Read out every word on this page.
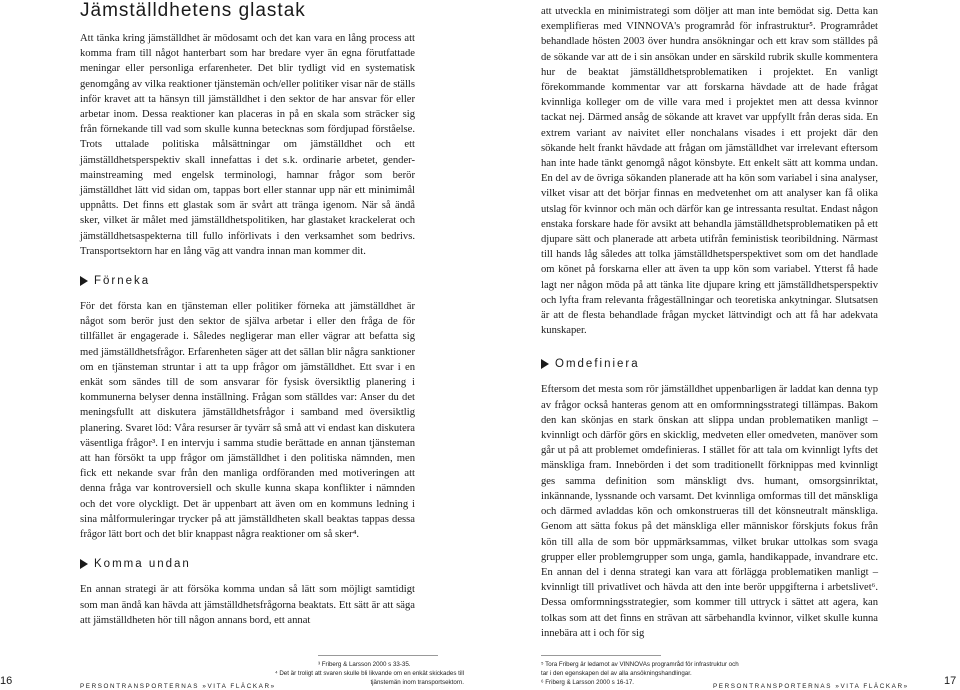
Jämställdhetens glastak

Att tänka kring jämställdhet är mödosamt och det kan vara en lång process att komma fram till något hanterbart som har bredare vyer än egna förutfattade meningar eller personliga erfarenheter. Det blir tydligt vid en systematisk genomgång av vilka reaktioner tjänstemän och/eller politiker visar när de ställs inför kravet att ta hänsyn till jämställdhet i den sektor de har ansvar för eller arbetar inom. Dessa reaktioner kan placeras in på en skala som sträcker sig från förnekande till vad som skulle kunna betecknas som fördjupad förståelse. Trots uttalade politiska målsättningar om jämställdhet och ett jämställdhetsperspektiv skall innefattas i det s.k. ordinarie arbetet, gender-mainstreaming med engelsk terminologi, hamnar frågor som berör jämställdhet lätt vid sidan om, tappas bort eller stannar upp när ett minimimål uppnåtts. Det finns ett glastak som är svårt att tränga igenom. När så ändå sker, vilket är målet med jämställdhetspolitiken, har glastaket krackelerat och jämställdhetsaspekterna till fullo införlivats i den verksamhet som bedrivs. Transportsektorn har en lång väg att vandra innan man kommer dit.

Förneka

För det första kan en tjänsteman eller politiker förneka att jämställdhet är något som berör just den sektor de själva arbetar i eller den fråga de för tillfället är engagerade i. Således negligerar man eller vägrar att befatta sig med jämställdhetsfrågor. Erfarenheten säger att det sällan blir några sanktioner om en tjänsteman struntar i att ta upp frågor om jämställdhet. Ett svar i en enkät som sändes till de som ansvarar för fysisk översiktlig planering i kommunerna belyser denna inställning. Frågan som ställdes var: Anser du det meningsfullt att diskutera jämställdhetsfrågor i samband med översiktlig planering. Svaret löd: Våra resurser är tyvärr så små att vi endast kan diskutera väsentliga frågor³. I en intervju i samma studie berättade en annan tjänsteman att han försökt ta upp frågor om jämställdhet i den politiska nämnden, men fick ett nekande svar från den manliga ordföranden med motiveringen att denna fråga var kontroversiell och skulle kunna skapa konflikter i nämnden och det vore olyckligt. Det är uppenbart att även om en kommuns ledning i sina målformuleringar trycker på att jämställdheten skall beaktas tappas dessa frågor lätt bort och det blir knappast några reaktioner om så sker⁴.

Komma undan

En annan strategi är att försöka komma undan så lätt som möjligt samtidigt som man ändå kan hävda att jämställdhetsfrågorna beaktats. Ett sätt är att säga att jämställdheten hör till någon annans bord, ett annat

att utveckla en minimistrategi som döljer att man inte bemödat sig. Detta kan exemplifieras med VINNOVA's programråd för infrastruktur⁵. Programrådet behandlade hösten 2003 över hundra ansökningar och ett krav som ställdes på de sökande var att de i sin ansökan under en särskild rubrik skulle kommentera hur de beaktat jämställdhetsproblematiken i projektet. En vanligt förekommande kommentar var att forskarna hävdade att de hade frågat kvinnliga kolleger om de ville vara med i projektet men att dessa kvinnor tackat nej. Därmed ansåg de sökande att kravet var uppfyllt från deras sida. En extrem variant av naivitet eller nonchalans visades i ett projekt där den sökande helt frankt hävdade att frågan om jämställdhet var irrelevant eftersom han inte hade tänkt genomgå något könsbyte. Ett enkelt sätt att komma undan. En del av de övriga sökanden planerade att ha kön som variabel i sina analyser, vilket visar att det börjar finnas en medvetenhet om att analyser kan få olika utslag för kvinnor och män och därför kan ge intressanta resultat. Endast någon enstaka forskare hade för avsikt att behandla jämställdhetsproblematiken på ett djupare sätt och planerade att arbeta utifrån feministisk teoribildning. Närmast till hands låg således att tolka jämställdhetsperspektivet som om det handlade om könet på forskarna eller att även ta upp kön som variabel. Ytterst få hade lagt ner någon möda på att tänka lite djupare kring ett jämställdhetsperspektiv och lyfta fram relevanta frågeställningar och teoretiska ankytningar. Slutsatsen är att de flesta behandlade frågan mycket lättvindigt och att få har adekvata kunskaper.

Omdefiniera

Eftersom det mesta som rör jämställdhet uppenbarligen är laddat kan denna typ av frågor också hanteras genom att en omformningsstrategi tillämpas. Bakom den kan skönjas en stark önskan att slippa undan problematiken manligt – kvinnligt och därför görs en skicklig, medveten eller omedveten, manöver som går ut på att problemet omdefinieras. I stället för att tala om kvinnligt lyfts det mänskliga fram. Innebörden i det som traditionellt förknippas med kvinnligt ges samma definition som mänskligt dvs. humant, omsorgsinriktat, inkännande, lyssnande och varsamt. Det kvinnliga omformas till det mänskliga och därmed avladdas kön och omkonstrueras till det könsneutralt mänskliga. Genom att sätta fokus på det mänskliga eller människor förskjuts fokus från kön till alla de som bör uppmärksammas, vilket brukar uttolkas som svaga grupper eller problemgrupper som unga, gamla, handikappade, invandrare etc. En annan del i denna strategi kan vara att förlägga problematiken manligt – kvinnligt till privatlivet och hävda att den inte berör uppgifterna i arbetslivet⁶. Dessa omformningsstrategier, som kommer till uttryck i sättet att agera, kan tolkas som att det finns en strävan att särbehandla kvinnor, vilket skulle kunna innebära att i och för sig

³ Friberg & Larsson 2000 s 33-35.
⁴ Det är troligt att svaren skulle bli likvande om en enkät skickades till tjänstemän inom transportsektorn.
⁵ Tora Friberg är ledamot av VINNOVAs programråd för infrastruktur och tar i den egenskapen del av alla ansökningshandlingar.
⁶ Friberg & Larsson 2000 s 16-17.
16	PERSONTRANSPORTERNAS »VITA FLÄCKAR»	PERSONTRANSPORTERNAS »VITA FLÄCKAR»	17
